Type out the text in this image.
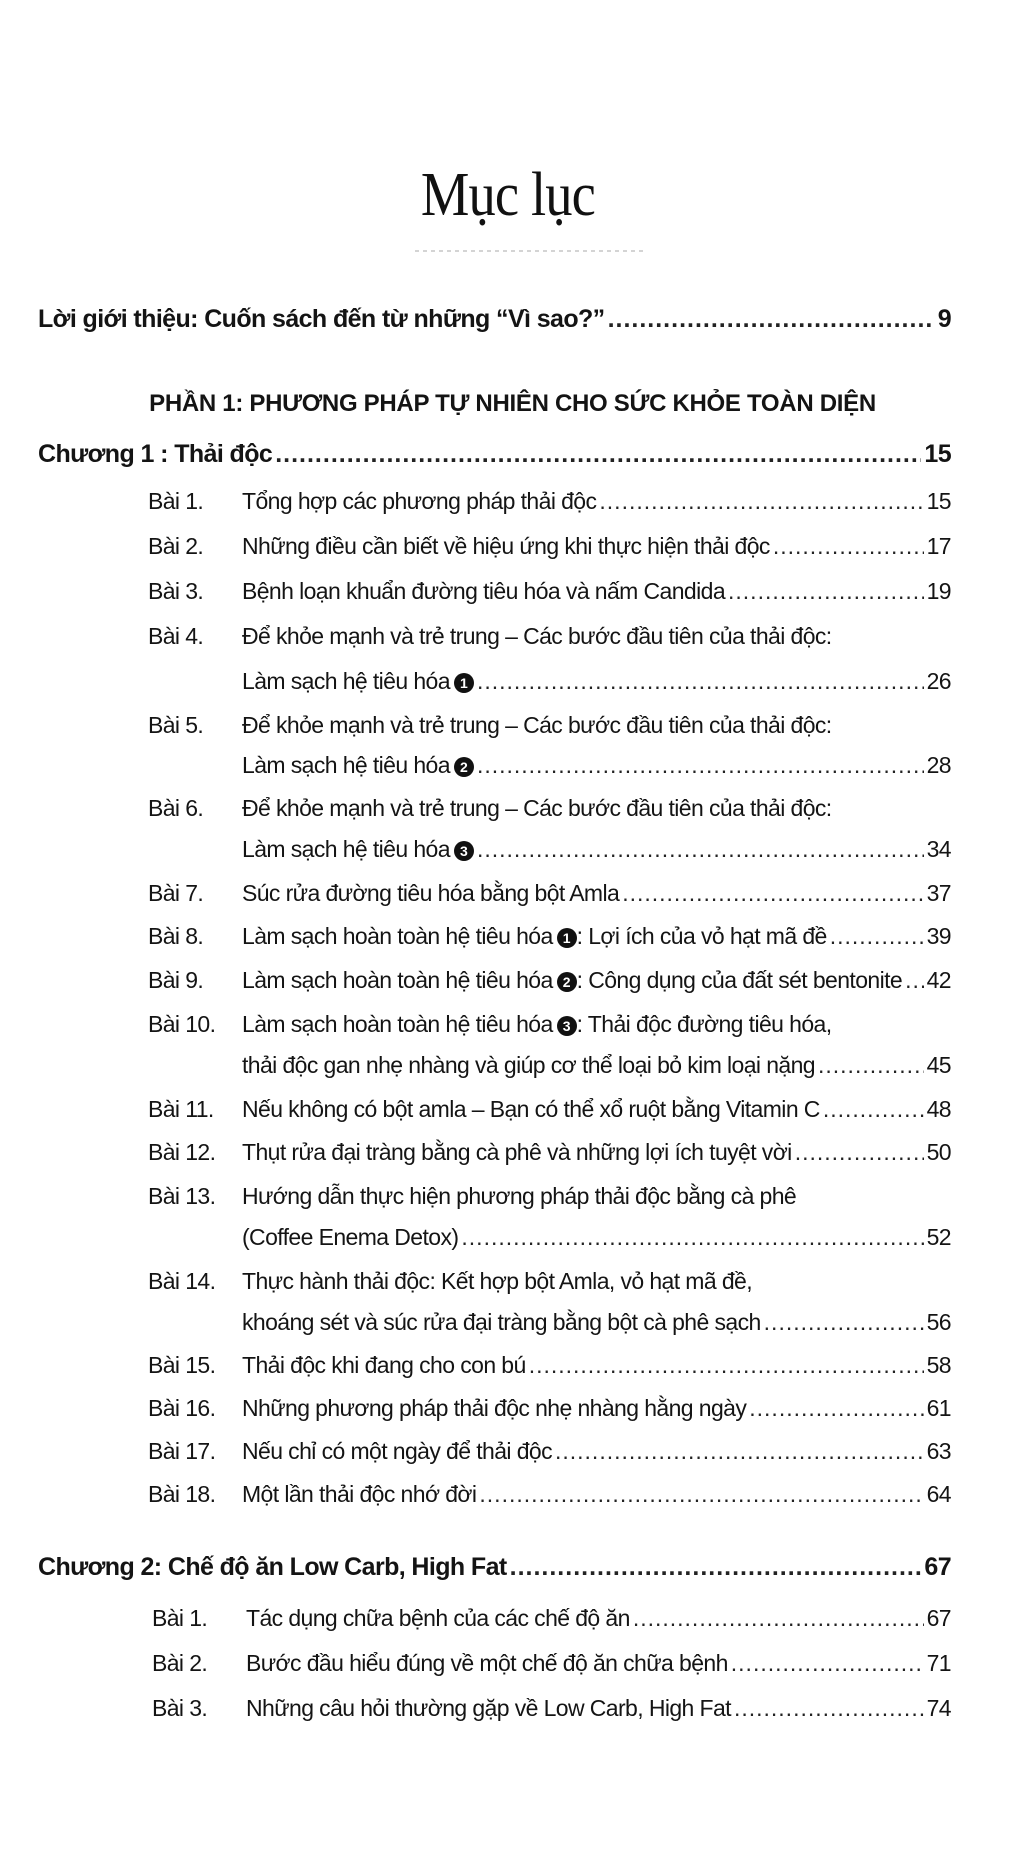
Mục lục
Lời giới thiệu: Cuốn sách đến từ những “Vì sao?” .....	9
PHẦN 1: PHƯƠNG PHÁP TỰ NHIÊN CHO SỨC KHỎE TOÀN DIỆN
Chương 1 : Thải độc .....	15
Bài 1. Tổng hợp các phương pháp thải độc .....	15
Bài 2. Những điều cần biết về hiệu ứng khi thực hiện thải độc .....	17
Bài 3. Bệnh loạn khuẩn đường tiêu hóa và nấm Candida .....	19
Bài 4. Để khỏe mạnh và trẻ trung – Các bước đầu tiên của thải độc:
Làm sạch hệ tiêu hóa 1 .....	26
Bài 5. Để khỏe mạnh và trẻ trung – Các bước đầu tiên của thải độc:
Làm sạch hệ tiêu hóa 2 .....	28
Bài 6. Để khỏe mạnh và trẻ trung – Các bước đầu tiên của thải độc:
Làm sạch hệ tiêu hóa 3 .....	34
Bài 7. Súc rửa đường tiêu hóa bằng bột Amla .....	37
Bài 8. Làm sạch hoàn toàn hệ tiêu hóa 1 : Lợi ích của vỏ hạt mã đề .....	39
Bài 9. Làm sạch hoàn toàn hệ tiêu hóa 2 : Công dụng của đất sét bentonite ..... 42
Bài 10. Làm sạch hoàn toàn hệ tiêu hóa 3 : Thải độc đường tiêu hóa,
thải độc gan nhẹ nhàng và giúp cơ thể loại bỏ kim loại nặng .....	45
Bài 11. Nếu không có bột amla – Bạn có thể xổ ruột bằng Vitamin C .....	48
Bài 12. Thụt rửa đại tràng bằng cà phê và những lợi ích tuyệt vời .....	50
Bài 13. Hướng dẫn thực hiện phương pháp thải độc bằng cà phê
(Coffee Enema Detox) .....	52
Bài 14. Thực hành thải độc: Kết hợp bột Amla, vỏ hạt mã đề,
khoáng sét và súc rửa đại tràng bằng bột cà phê sạch .....	56
Bài 15. Thải độc khi đang cho con bú .....	58
Bài 16. Những phương pháp thải độc nhẹ nhàng hằng ngày .....	61
Bài 17. Nếu chỉ có một ngày để thải độc .....	63
Bài 18. Một lần thải độc nhớ đời .....	64
Chương 2: Chế độ ăn Low Carb, High Fat .....	67
Bài 1. Tác dụng chữa bệnh của các chế độ ăn .....	67
Bài 2. Bước đầu hiểu đúng về một chế độ ăn chữa bệnh .....	71
Bài 3. Những câu hỏi thường gặp về Low Carb, High Fat .....	74
